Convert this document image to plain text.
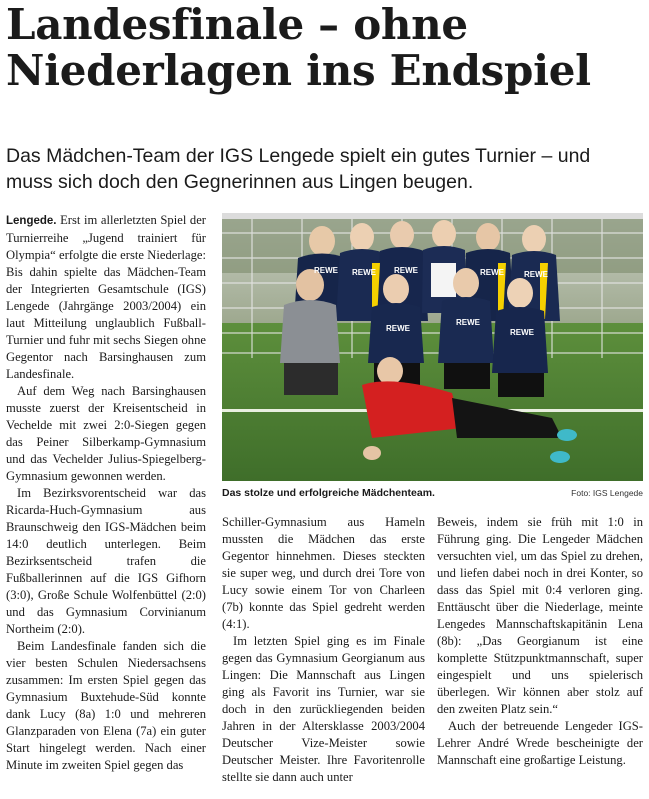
Landesfinale – ohne Niederlagen ins Endspiel

Das Mädchen-Team der IGS Lengede spielt ein gutes Turnier – und muss sich doch den Gegnerinnen aus Lingen beugen.

Lengede. Erst im allerletzten Spiel der Turnierreihe „Jugend trainiert für Olympia“ erfolgte die erste Niederlage: Bis dahin spielte das Mädchen-Team der Integrierten Gesamtschule (IGS) Lengede (Jahrgänge 2003/2004) ein laut Mitteilung unglaublich Fußball-Turnier und fuhr mit sechs Siegen ohne Gegentor nach Barsinghausen zum Landesfinale.

Auf dem Weg nach Barsinghausen musste zuerst der Kreisentscheid in Vechelde mit zwei 2:0-Siegen gegen das Peiner Silberkamp-Gymnasium und das Vechelder Julius-Spiegelberg-Gymnasium gewonnen werden.

Im Bezirksvorentscheid war das Ricarda-Huch-Gymnasium aus Braunschweig den IGS-Mädchen beim 14:0 deutlich unterlegen. Beim Bezirksentscheid trafen die Fußballerinnen auf die IGS Gifhorn (3:0), Große Schule Wolfenbüttel (2:0) und das Gymnasium Corvinianum Northeim (2:0).

Beim Landesfinale fanden sich die vier besten Schulen Niedersachsens zusammen: Im ersten Spiel gegen das Gymnasium Buxtehude-Süd konnte dank Lucy (8a) 1:0 und mehreren Glanzparaden von Elena (7a) ein guter Start hingelegt werden. Nach einer Minute im zweiten Spiel gegen das

REWE REWE REWE	REWE	REWE
REWE
REWE
REWE
Das stolze und erfolgreiche Mädchenteam.	Foto: IGS Lengede

Schiller-Gymnasium aus Hameln mussten die Mädchen das erste Gegentor hinnehmen. Dieses steckten sie super weg, und durch drei Tore von Lucy sowie einem Tor von Charleen (7b) konnte das Spiel gedreht werden (4:1).

Im letzten Spiel ging es im Finale gegen das Gymnasium Georgianum aus Lingen: Die Mannschaft aus Lingen ging als Favorit ins Turnier, war sie doch in den zurückliegenden beiden Jahren in der Altersklasse 2003/2004 Deutscher Vize-Meister sowie Deutscher Meister. Ihre Favoritenrolle stellte sie dann auch unter

Beweis, indem sie früh mit 1:0 in Führung ging. Die Lengeder Mädchen versuchten viel, um das Spiel zu drehen, und liefen dabei noch in drei Konter, so dass das Spiel mit 0:4 verloren ging. Enttäuscht über die Niederlage, meinte Lengedes Mannschaftskapitänin Lena (8b): „Das Georgianum ist eine komplette Stützpunktmannschaft, super eingespielt und uns spielerisch überlegen. Wir können aber stolz auf den zweiten Platz sein.“

Auch der betreuende Lengeder IGS-Lehrer André Wrede bescheinigte der Mannschaft eine großartige Leistung.
